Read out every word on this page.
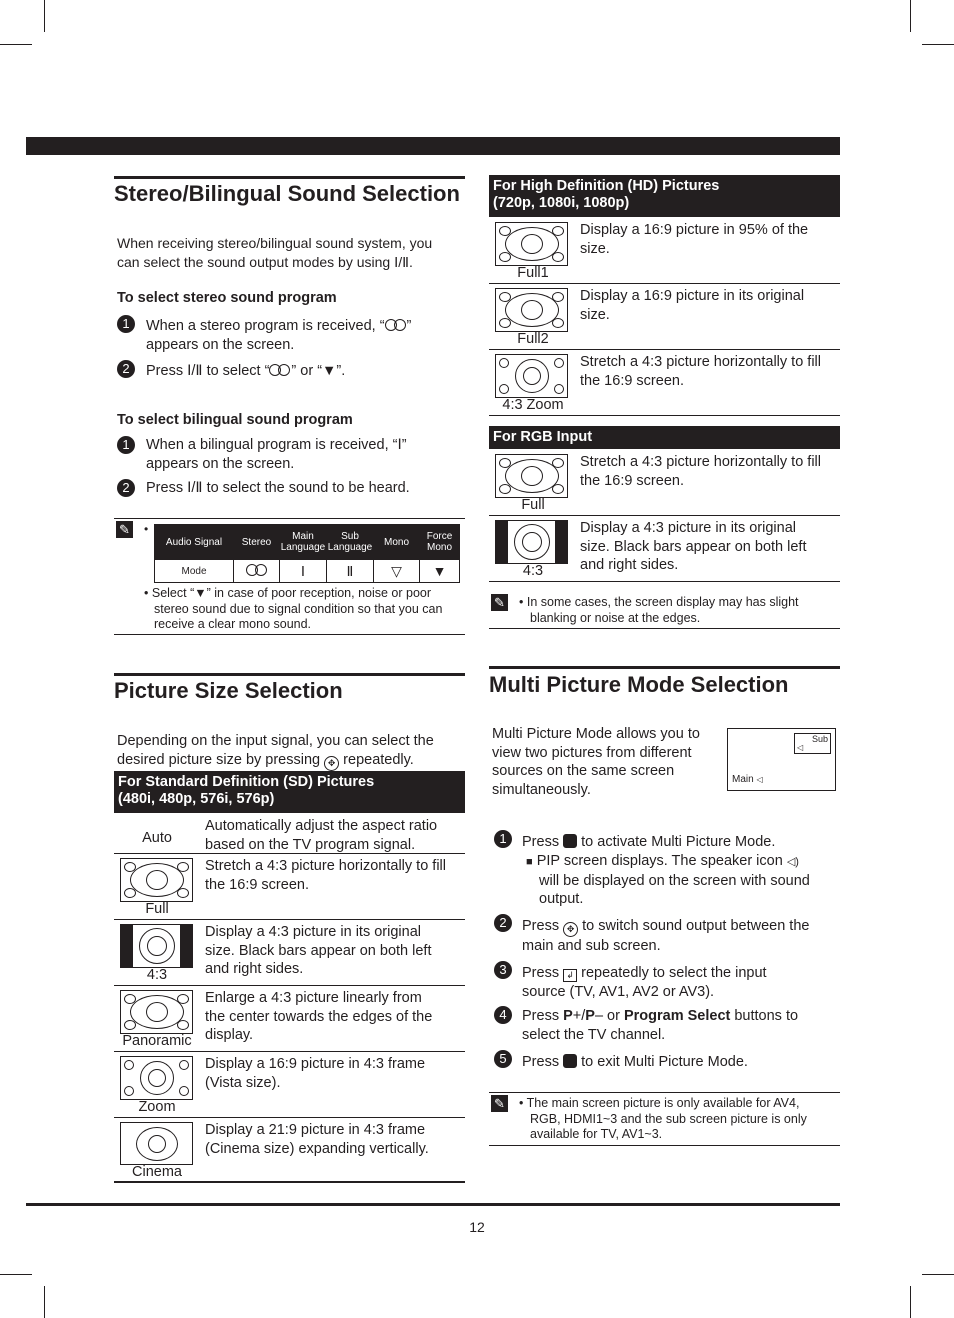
Stereo/Bilingual Sound Selection
When receiving stereo/bilingual sound system, you
can select the sound output modes by using Ⅰ/Ⅱ.
To select stereo sound program
1	When a stereo program is received, “ ”
appears on the screen.
2	Press Ⅰ/Ⅱ to select “ ” or “▼”.
To select bilingual sound program
1	When a bilingual program is received, “Ⅰ”
appears on the screen.
2	Press Ⅰ/Ⅱ to select the sound to be heard.
✎ •
Audio Signal	Stereo	Main Language	Sub Language	Mono	Force Mono
Mode		Ⅰ	Ⅱ	▽	▼
• Select “▼” in case of poor reception, noise or poor
stereo sound due to signal condition so that you can
receive a clear mono sound.
Picture Size Selection
Depending on the input signal, you can select the
desired picture size by pressing ✥ repeatedly.
For Standard Definition (SD) Pictures
(480i, 480p, 576i, 576p)
Auto
Automatically adjust the aspect ratio
based on the TV program signal.
Full
Stretch a 4:3 picture horizontally to fill
the 16:9 screen.
4:3
Display a 4:3 picture in its original
size. Black bars appear on both left
and right sides.
Panoramic
Enlarge a 4:3 picture linearly from
the center towards the edges of the
display.
Zoom
Display a 16:9 picture in 4:3 frame
(Vista size).
Cinema
Display a 21:9 picture in 4:3 frame
(Cinema size) expanding vertically.
For High Definition (HD) Pictures
(720p, 1080i, 1080p)
Full1
Display a 16:9 picture in 95% of the
size.
Full2
Display a 16:9 picture in its original
size.
4:3 Zoom
Stretch a 4:3 picture horizontally to fill
the 16:9 screen.
For RGB Input
Full
Stretch a 4:3 picture horizontally to fill
the 16:9 screen.
4:3
Display a 4:3 picture in its original
size. Black bars appear on both left
and right sides.
✎ • In some cases, the screen display may has slight
blanking or noise at the edges.
Multi Picture Mode Selection
Multi Picture Mode allows you to
view two pictures from different
sources on the same screen
simultaneously.
Sub
◁
Main ◁
1	Press to activate Multi Picture Mode.
■ PIP screen displays. The speaker icon ◁)
will be displayed on the screen with sound
output.
2	Press ✥ to switch sound output between the
main and sub screen.
3	Press ↲ repeatedly to select the input
source (TV, AV1, AV2 or AV3).
4	Press P+/P– or Program Select buttons to
select the TV channel.
5	Press to exit Multi Picture Mode.
✎ • The main screen picture is only available for AV4,
RGB, HDMI1~3 and the sub screen picture is only
available for TV, AV1~3.
12
